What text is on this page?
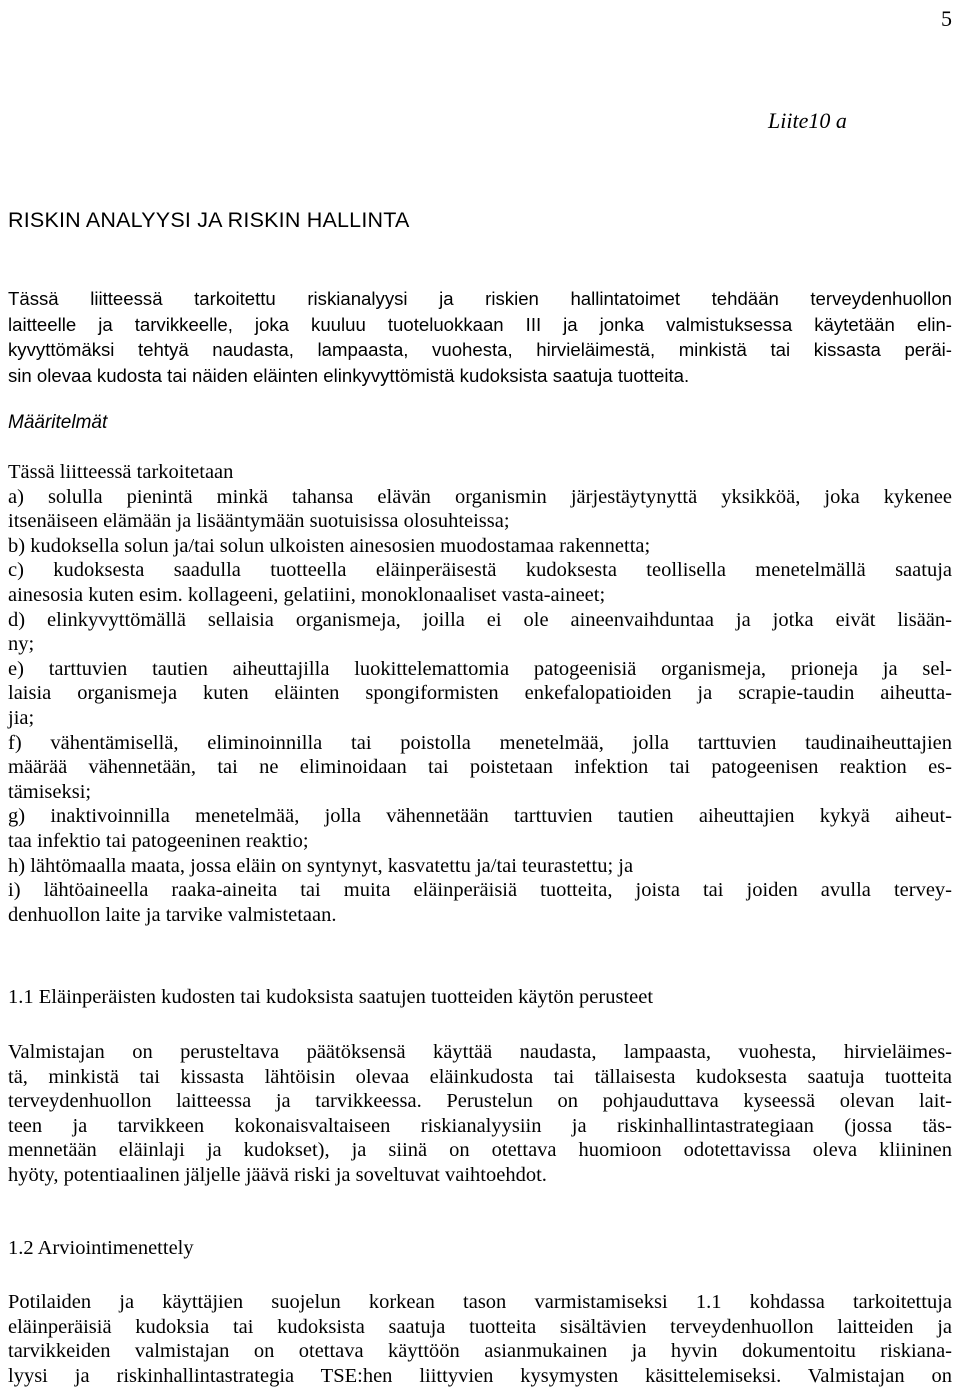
5
Liite10 a
RISKIN ANALYYSI JA RISKIN HALLINTA

Tässä liitteessä tarkoitettu riskianalyysi ja riskien hallintatoimet tehdään terveydenhuollon
laitteelle ja tarvikkeelle, joka kuuluu tuoteluokkaan III ja jonka valmistuksessa käytetään elin-
kyvyttömäksi tehtyä naudasta, lampaasta, vuohesta, hirvieläimestä, minkistä tai kissasta peräi-
sin olevaa kudosta tai näiden eläinten elinkyvyttömistä kudoksista saatuja tuotteita.

Määritelmät

Tässä liitteessä tarkoitetaan
a) solulla pienintä minkä tahansa elävän organismin järjestäytynyttä yksikköä, joka kykenee
itsenäiseen elämään ja lisääntymään suotuisissa olosuhteissa;
b) kudoksella solun ja/tai solun ulkoisten ainesosien muodostamaa rakennetta;
c) kudoksesta saadulla tuotteella eläinperäisestä kudoksesta teollisella menetelmällä saatuja
ainesosia kuten esim. kollageeni, gelatiini, monoklonaaliset vasta-aineet;
d) elinkyvyttömällä sellaisia organismeja, joilla ei ole aineenvaihduntaa ja jotka eivät lisään-
ny;
e) tarttuvien tautien aiheuttajilla luokittelemattomia patogeenisiä organismeja, prioneja ja sel-
laisia organismeja kuten eläinten spongiformisten enkefalopatioiden ja scrapie-taudin aiheutta-
jia;
f) vähentämisellä, eliminoinnilla tai poistolla menetelmää, jolla tarttuvien taudinaiheuttajien
määrää vähennetään, tai ne eliminoidaan tai poistetaan infektion tai patogeenisen reaktion es-
tämiseksi;
g) inaktivoinnilla menetelmää, jolla vähennetään tarttuvien tautien aiheuttajien kykyä aiheut-
taa infektio tai patogeeninen reaktio;
h) lähtömaalla maata, jossa eläin on syntynyt, kasvatettu ja/tai teurastettu; ja
i) lähtöaineella raaka-aineita tai muita eläinperäisiä tuotteita, joista tai joiden avulla tervey-
denhuollon laite ja tarvike valmistetaan.

1.1 Eläinperäisten kudosten tai kudoksista saatujen tuotteiden käytön perusteet

Valmistajan on perusteltava päätöksensä käyttää naudasta, lampaasta, vuohesta, hirvieläimes-
tä, minkistä tai kissasta lähtöisin olevaa eläinkudosta tai tällaisesta kudoksesta saatuja tuotteita
terveydenhuollon laitteessa ja tarvikkeessa. Perustelun on pohjauduttava kyseessä olevan lait-
teen ja tarvikkeen kokonaisvaltaiseen riskianalyysiin ja riskinhallintastrategiaan (jossa täs-
mennetään eläinlaji ja kudokset), ja siinä on otettava huomioon odotettavissa oleva kliininen
hyöty, potentiaalinen jäljelle jäävä riski ja soveltuvat vaihtoehdot.

1.2 Arviointimenettely

Potilaiden ja käyttäjien suojelun korkean tason varmistamiseksi 1.1 kohdassa tarkoitettuja
eläinperäisiä kudoksia tai kudoksista saatuja tuotteita sisältävien terveydenhuollon laitteiden ja
tarvikkeiden valmistajan on otettava käyttöön asianmukainen ja hyvin dokumentoitu riskiana-
lyysi ja riskinhallintastrategia TSE:hen liittyvien kysymysten käsittelemiseksi. Valmistajan on
